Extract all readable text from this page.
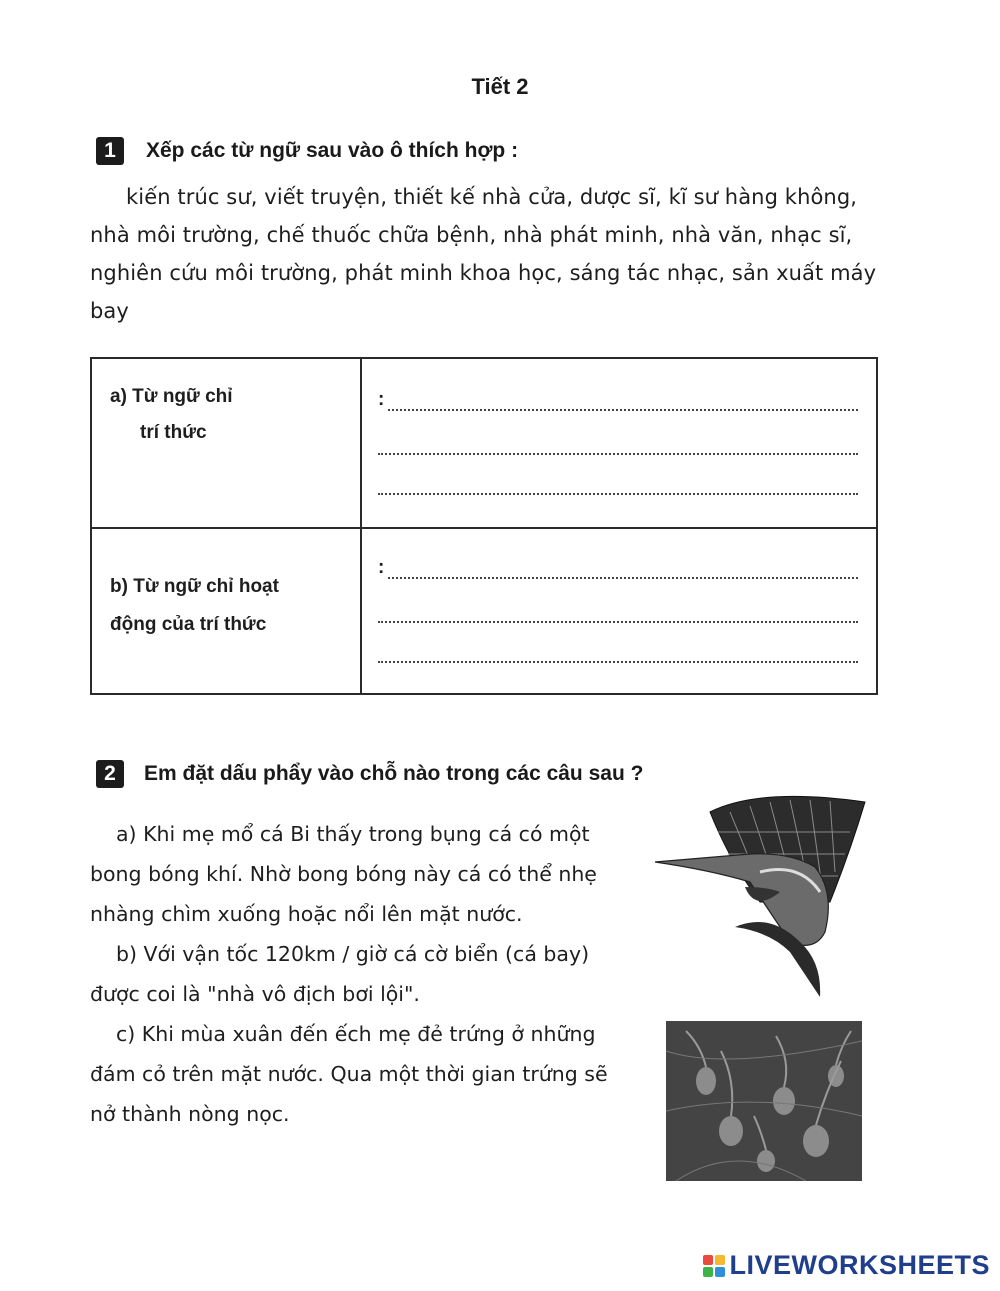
Tiết 2
1	Xếp các từ ngữ sau vào ô thích hợp :

kiến trúc sư, viết truyện, thiết kế nhà cửa, dược sĩ, kĩ sư hàng không, nhà môi trường, chế thuốc chữa bệnh, nhà phát minh, nhà văn, nhạc sĩ, nghiên cứu môi trường, phát minh khoa học, sáng tác nhạc, sản xuất máy bay

a) Từ ngữ chỉ
trí thức
:
b) Từ ngữ chỉ hoạt
động của trí thức
:
2	Em đặt dấu phẩy vào chỗ nào trong các câu sau ?

a) Khi mẹ mổ cá Bi thấy trong bụng cá có một bong bóng khí. Nhờ bong bóng này cá có thể nhẹ nhàng chìm xuống hoặc nổi lên mặt nước.

b) Với vận tốc 120km / giờ cá cờ biển (cá bay) được coi là "nhà vô địch bơi lội".

c) Khi mùa xuân đến ếch mẹ đẻ trứng ở những đám cỏ trên mặt nước. Qua một thời gian trứng sẽ nở thành nòng nọc.

LIVEWORKSHEETS
